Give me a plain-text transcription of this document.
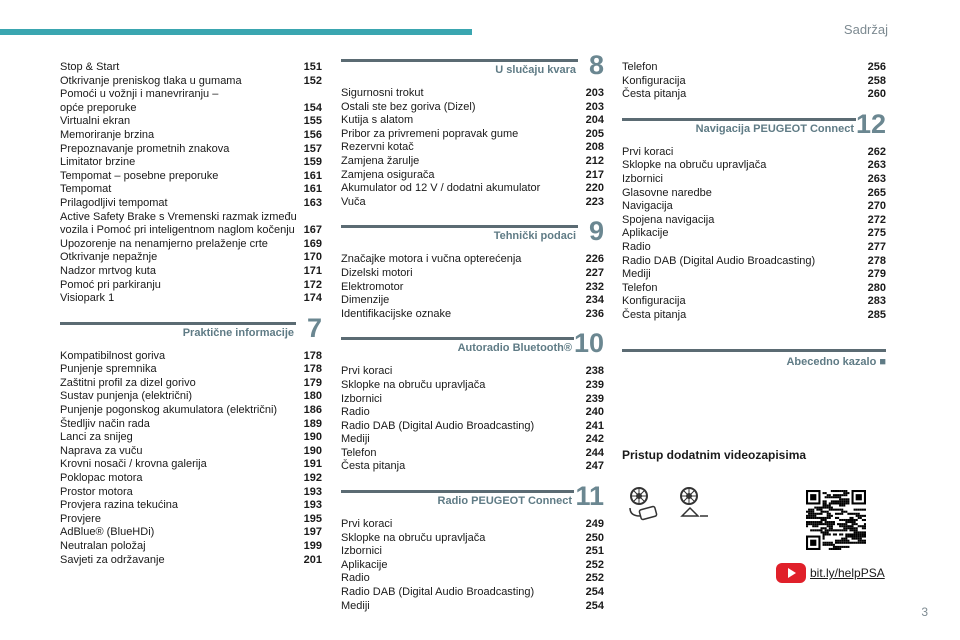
Sadržaj
Stop & Start	151
Otkrivanje preniskog tlaka u gumama	152
Pomoći u vožnji i manevriranju –
opće preporuke	154
Virtualni ekran	155
Memoriranje brzina	156
Prepoznavanje prometnih znakova	157
Limitator brzine	159
Tempomat – posebne preporuke	161
Tempomat	161
Prilagodljivi tempomat	163
Active Safety Brake s Vremenski razmak između
vozila i Pomoć pri inteligentnom naglom kočenju 167
Upozorenje na nenamjerno prelaženje crte	169
Otkrivanje nepažnje	170
Nadzor mrtvog kuta	171
Pomoć pri parkiranju	172
Visiopark 1	174
Praktične informacije 7
Kompatibilnost goriva	178
Punjenje spremnika	178
Zaštitni profil za dizel gorivo	179
Sustav punjenja (električni)	180
Punjenje pogonskog akumulatora (električni)	186
Štedljiv način rada	189
Lanci za snijeg	190
Naprava za vuču	190
Krovni nosači / krovna galerija	191
Poklopac motora	192
Prostor motora	193
Provjera razina tekućina	193
Provjere	195
AdBlue® (BlueHDi)	197
Neutralan položaj	199
Savjeti za održavanje	201
U slučaju kvara 8
Sigurnosni trokut	203
Ostali ste bez goriva (Dizel)	203
Kutija s alatom	204
Pribor za privremeni popravak gume	205
Rezervni kotač	208
Zamjena žarulje	212
Zamjena osigurača	217
Akumulator od 12 V / dodatni akumulator	220
Vuča	223
Tehnički podaci 9
Značajke motora i vučna opterećenja	226
Dizelski motori	227
Elektromotor	232
Dimenzije	234
Identifikacijske oznake	236
Autoradio Bluetooth® 10
Prvi koraci	238
Sklopke na obruču upravljača	239
Izbornici	239
Radio	240
Radio DAB (Digital Audio Broadcasting)	241
Mediji	242
Telefon	244
Česta pitanja	247
Radio PEUGEOT Connect 11
Prvi koraci	249
Sklopke na obruču upravljača	250
Izbornici	251
Aplikacije	252
Radio	252
Radio DAB (Digital Audio Broadcasting)	254
Mediji	254
Telefon	256
Konfiguracija	258
Česta pitanja	260
Navigacija PEUGEOT Connect 12
Prvi koraci	262
Sklopke na obruču upravljača	263
Izbornici	263
Glasovne naredbe	265
Navigacija	270
Spojena navigacija	272
Aplikacije	275
Radio	277
Radio DAB (Digital Audio Broadcasting)	278
Mediji	279
Telefon	280
Konfiguracija	283
Česta pitanja	285
Abecedno kazalo ■
Pristup dodatnim videozapisima
bit.ly/helpPSA
3
